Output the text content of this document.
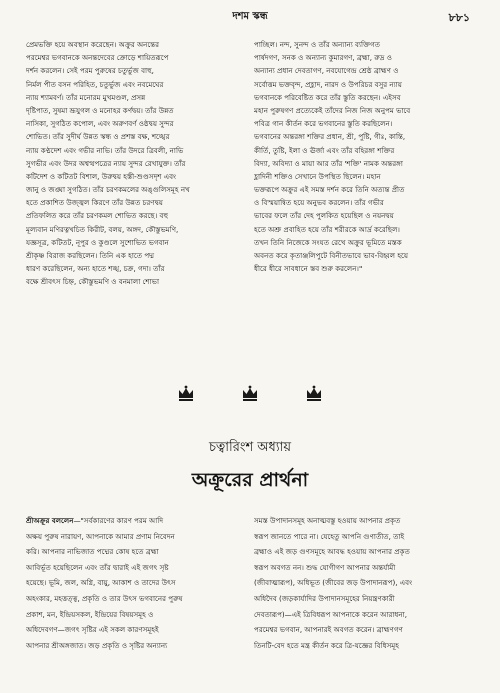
দশম স্কন্ধ	৮৮১
প্রেমভক্তি হয়ে অবস্থান করেছেন। অক্রুর অনন্তের
পরমেশ্বর ভগবানকে অনন্তদেবের ক্রোড়ে শায়িতরূপে
দর্শন করলেন। সেই পরম পুরুষের চতুর্ভুজ বাহু,
নির্মল পীত বসন পরিহিত, চতুর্ভুজ এবং নবমেঘের
ন্যায় শ্যামবর্ণ। তাঁর মনোরম মুখমণ্ডল, প্রসন্ন
দৃষ্টিপাত, সুষমা ভ্রূযুগল ও মনোহর কর্ণদ্বয়। তাঁর উন্নত
নাসিকা, সুগঠিত কপোল, এবং অরুণবর্ণ ওষ্ঠদ্বয় সুন্দর
শোভিত। তাঁর সুদীর্ঘ উন্নত স্কন্ধ ও প্রশস্ত বক্ষ, শঙ্খের
ন্যায় কণ্ঠদেশ এবং গভীর নাভি। তাঁর উদরে ত্রিবলী, নাভি
সুগভীর এবং উদর অশ্বত্থপত্রের ন্যায় সুন্দর রেখাযুক্ত। তাঁর
কটিদেশ ও কটিতট বিশাল, উরুদ্বয় হস্তী-শুণ্ডসদৃশ এবং
জানু ও জঙ্ঘা সুগঠিত। তাঁর চরণকমলের অঙ্গুলিসমূহ নখ
হতে প্রকাশিত উজ্জ্বল কিরণে তাঁর উন্নত চরণদ্বয়
প্রতিফলিত করে তাঁর চরণকমল শোভিত করছে। বহু
মূল্যবান মণিরত্নখচিত কিরীট, বলয়, অঙ্গদ, কৌস্তুভমণি,
যজ্ঞসূত্র, কটিতট, নূপুর ও কুণ্ডলে সুশোভিত ভগবান
শ্রীকৃষ্ণ বিরাজ করছিলেন। তিনি এক হাতে পদ্ম
ধারণ করেছিলেন, অন্য হাতে শঙ্খ, চক্র, গদা। তাঁর
বক্ষে শ্রীবৎস চিহ্ন, কৌস্তুভমণি ও বনমালা শোভা
পাচ্ছিল। নন্দ, সুনন্দ ও তাঁর অন্যান্য ব্যক্তিগত
পার্ষদগণ, সনক ও অন্যান্য কুমারগণ, ব্রহ্মা, রুদ্র ও
অন্যান্য প্রধান দেবতাগণ, নবযোগেন্দ্র শ্রেষ্ঠ ব্রাহ্মণ ও
সর্বোত্তম ভক্তবৃন্দ, প্রহ্লাদ, নারদ ও উপরিচর বসুর ন্যায়
ভগবানকে পরিবেষ্টিত করে তাঁর স্তুতি করছেন। এইসব
মহান পুরুষগণ প্রত্যেকেই তাঁদের নিজ নিজ অনুপম ভাবে
পবিত্র গান কীর্তন করে ভগবানের স্তুতি করছিলেন।
ভগবানের অন্তরঙ্গা শক্তির প্রধান, শ্রী, পুষ্টি, গীঃ, কান্তি,
কীর্তি, তুষ্টি, ইলা ও ঊর্জা এবং তাঁর বহিরঙ্গা শক্তির
বিদ্যা, অবিদ্যা ও মায়া আর তাঁর 'শক্তি' নামক অন্তরঙ্গা
হ্লাদিনী শক্তিও সেখানে উপস্থিত ছিলেন। মহান
ভক্তরূপে অক্রুর এই সমস্ত দর্শন করে তিনি অত্যন্ত প্রীত
ও বিস্ময়ান্বিত হয়ে অনুভব করলেন। তাঁর গভীর
ভাবের ফলে তাঁর দেহ পুলকিত হয়েছিল ও নয়নদ্বয়
হতে অশ্রু প্রবাহিত হয়ে তাঁর শরীরকে আর্দ্র করেছিল।
তখন তিনি নিজেকে সংযত রেখে অক্রুর ভূমিতে মস্তক
অবনত করে কৃতাঞ্জলিপুটে বিনীতভাবে ভাব-বিহ্বল হয়ে
ধীরে ধীরে সাবধানে স্তব শুরু করলেন।"
চত্বারিংশ অধ্যায়
অক্রূরের প্রার্থনা
শ্রীঅক্রূর বললেন—"সর্বকারণের কারণ পরম আদি
অক্ষয় পুরুষ নারায়ণ, আপনাকে আমার প্রণাম নিবেদন
করি। আপনার নাভিজাত পদ্মের কোষ হতে ব্রহ্মা
আবির্ভূত হয়েছিলেন এবং তাঁর দ্বারাই এই জগৎ সৃষ্ট
হয়েছে। ভূমি, জল, অগ্নি, বায়ু, আকাশ ও তাদের উৎস
অহংকার, মহত্তত্ত্ব, প্রকৃতি ও তার উৎস ভগবানের পুরুষ
প্রকাশ, মন, ইন্দ্রিয়সকল, ইন্দ্রিয়ের বিষয়সমূহ ও
অধিদেবগণ—জগৎ সৃষ্টির এই সকল কারণসমূহই
আপনার শ্রীঅঙ্গজাত। জড় প্রকৃতি ও সৃষ্টির অন্যান্য
সমস্ত উপাদানসমূহ অনাত্মবস্তু হওয়ায় আপনার প্রকৃত
স্বরূপ জানতে পারে না। যেহেতু আপনি গুণাতীত, তাই
ব্রহ্মাও এই জড় গুণসমূহে আবদ্ধ হওয়ায় আপনার প্রকৃত
স্বরূপ অবগত নন। শুদ্ধ যোগীগণ আপনার অন্তর্যামী
(জীবাত্মারূপ), অধিভূত (জীবের জড় উপাদানরূপ), এবং
অধিদৈব (জড়কার্যাদির উপাদানসমূহের নিয়ন্ত্রণকারী
দেবতারূপ)—এই ত্রিবিধরূপ আপনাকে করেন আরাধনা,
পরমেশ্বর ভগবান, আপনারই অবগত করেন। ব্রাহ্মণগণ
তিনটি-বেদ হতে মন্ত্র কীর্তন করে ত্রি-যজ্ঞের বিধিসমূহ
